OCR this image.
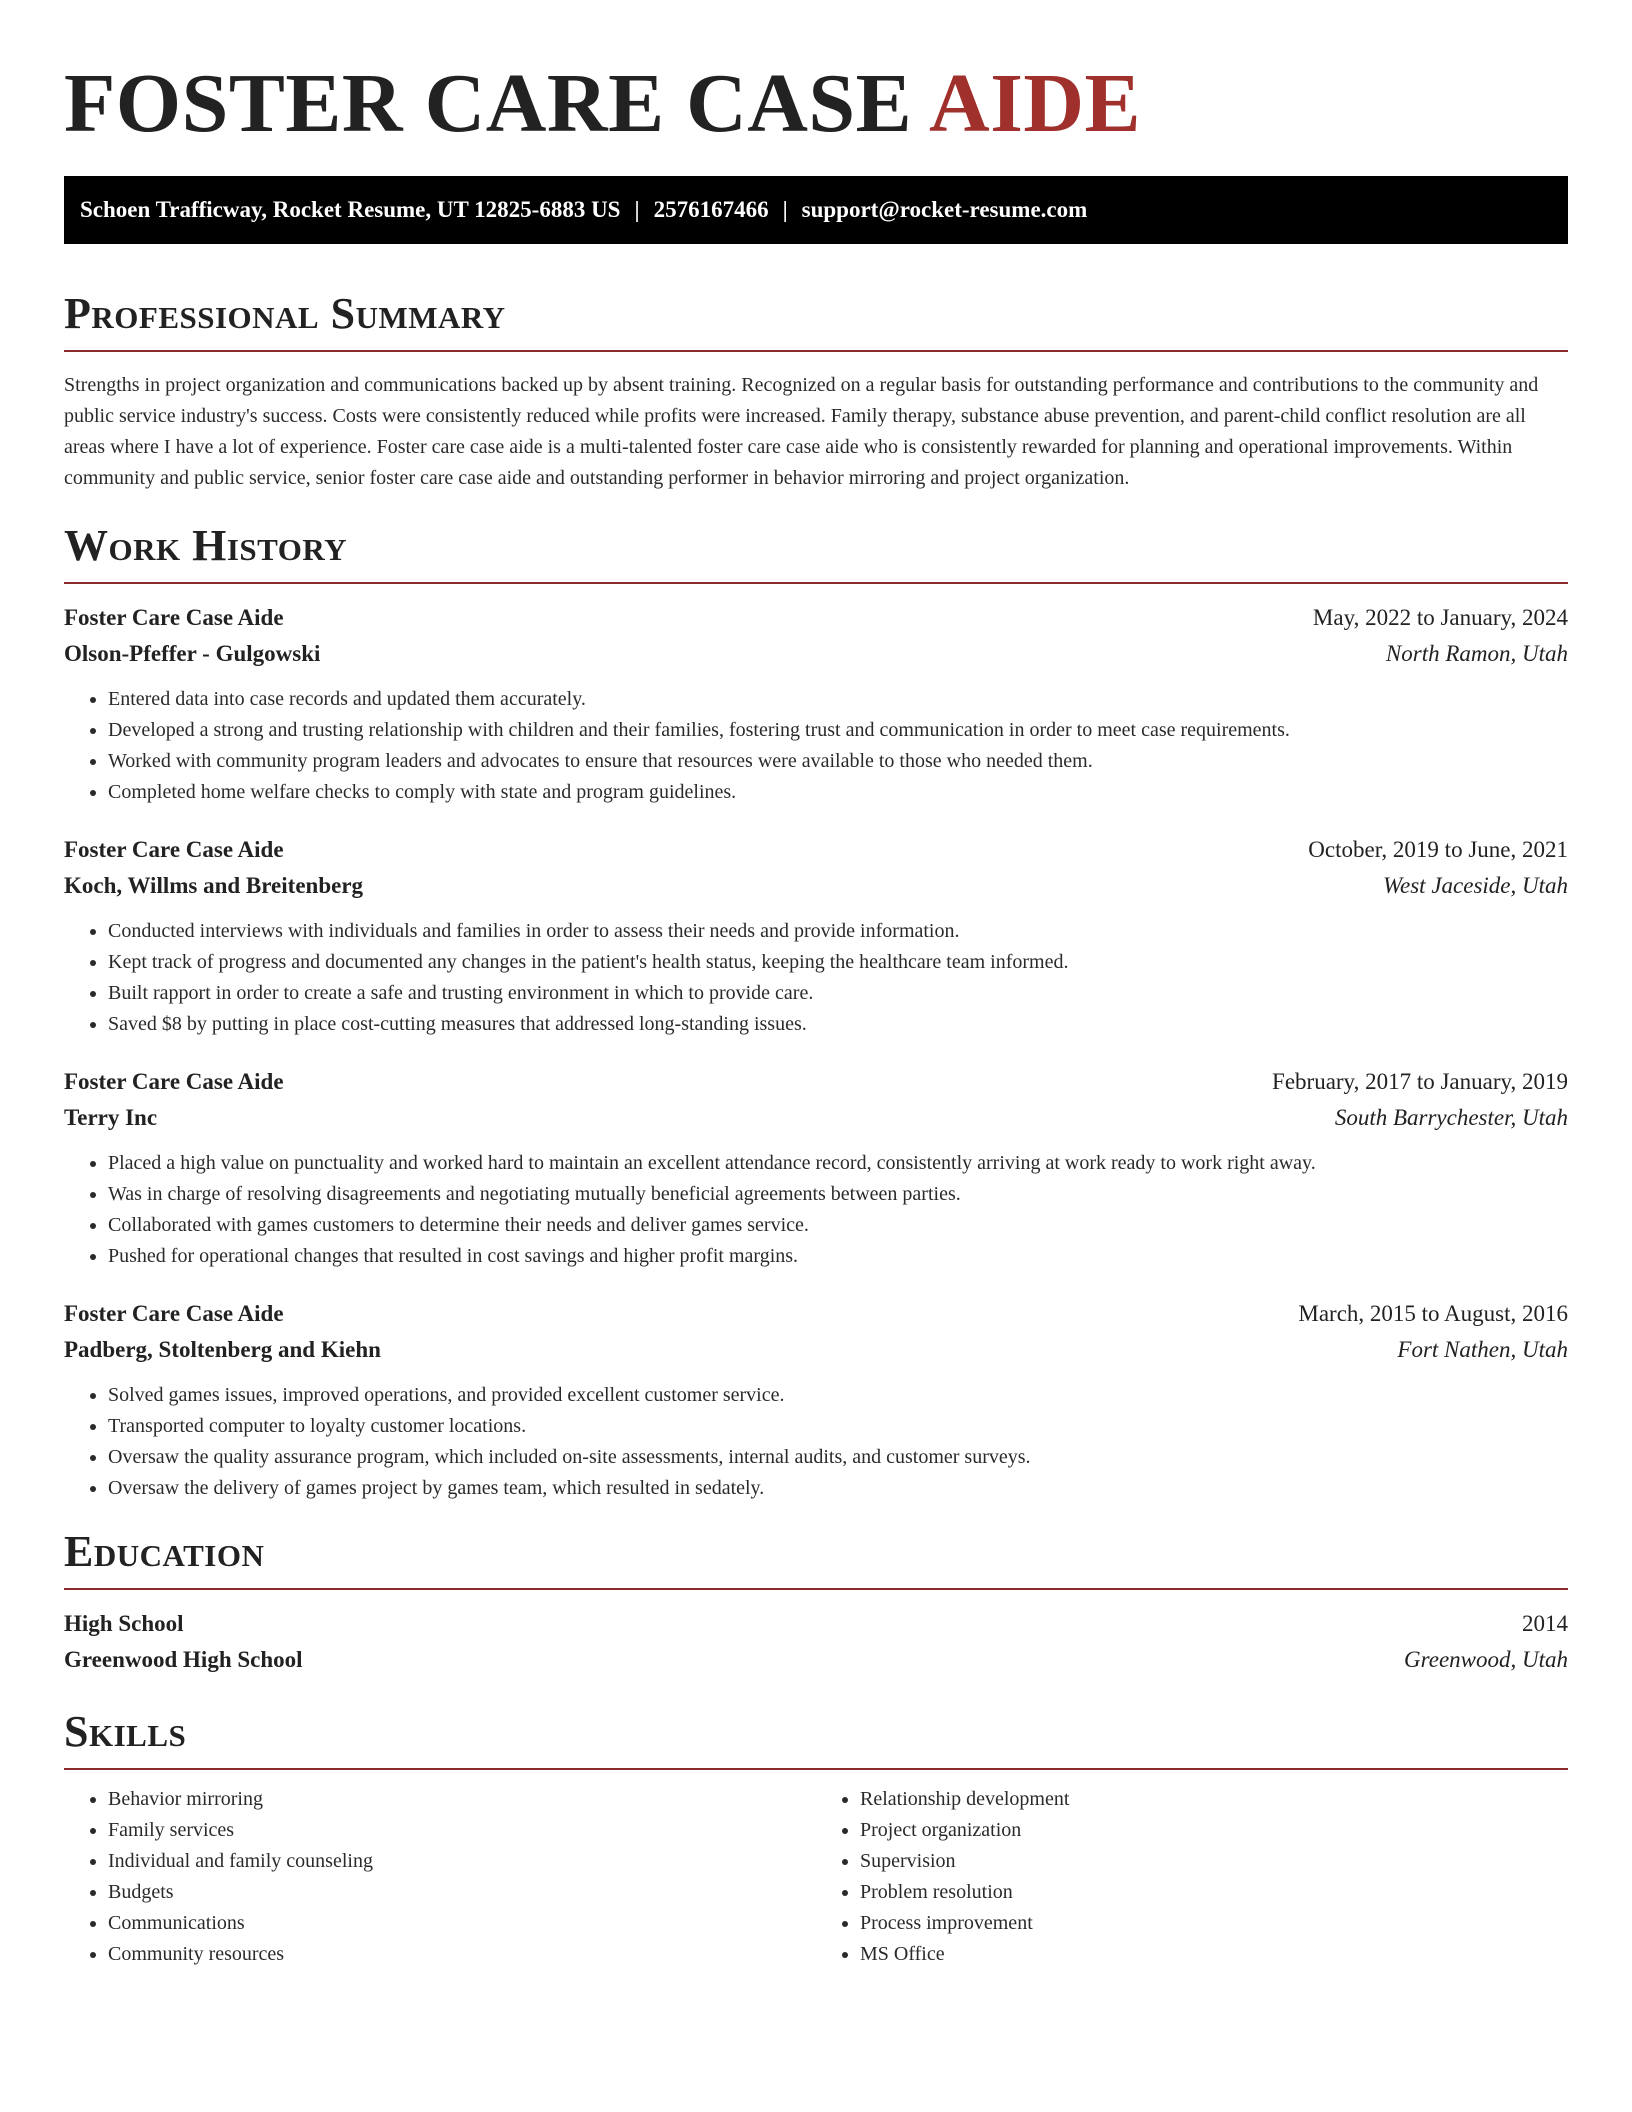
FOSTER CARE CASE AIDE
Schoen Trafficway, Rocket Resume, UT 12825-6883 US | 2576167466 | support@rocket-resume.com
Professional Summary

Strengths in project organization and communications backed up by absent training. Recognized on a regular basis for outstanding performance and contributions to the community and public service industry's success. Costs were consistently reduced while profits were increased. Family therapy, substance abuse prevention, and parent-child conflict resolution are all areas where I have a lot of experience. Foster care case aide is a multi-talented foster care case aide who is consistently rewarded for planning and operational improvements. Within community and public service, senior foster care case aide and outstanding performer in behavior mirroring and project organization.

Work History
Foster Care Case Aide	May, 2022 to January, 2024
Olson-Pfeffer - Gulgowski	North Ramon, Utah
• Entered data into case records and updated them accurately.
• Developed a strong and trusting relationship with children and their families, fostering trust and communication in order to meet case requirements.
• Worked with community program leaders and advocates to ensure that resources were available to those who needed them.
• Completed home welfare checks to comply with state and program guidelines.
Foster Care Case Aide	October, 2019 to June, 2021
Koch, Willms and Breitenberg	West Jaceside, Utah
• Conducted interviews with individuals and families in order to assess their needs and provide information.
• Kept track of progress and documented any changes in the patient's health status, keeping the healthcare team informed.
• Built rapport in order to create a safe and trusting environment in which to provide care.
• Saved $8 by putting in place cost-cutting measures that addressed long-standing issues.
Foster Care Case Aide	February, 2017 to January, 2019
Terry Inc	South Barrychester, Utah
• Placed a high value on punctuality and worked hard to maintain an excellent attendance record, consistently arriving at work ready to work right away.
• Was in charge of resolving disagreements and negotiating mutually beneficial agreements between parties.
• Collaborated with games customers to determine their needs and deliver games service.
• Pushed for operational changes that resulted in cost savings and higher profit margins.
Foster Care Case Aide	March, 2015 to August, 2016
Padberg, Stoltenberg and Kiehn	Fort Nathen, Utah
• Solved games issues, improved operations, and provided excellent customer service.
• Transported computer to loyalty customer locations.
• Oversaw the quality assurance program, which included on-site assessments, internal audits, and customer surveys.
• Oversaw the delivery of games project by games team, which resulted in sedately.
Education
High School	2014
Greenwood High School	Greenwood, Utah
Skills
• Behavior mirroring
• Family services
• Individual and family counseling
• Budgets
• Communications
• Community resources
• Relationship development
• Project organization
• Supervision
• Problem resolution
• Process improvement
• MS Office
